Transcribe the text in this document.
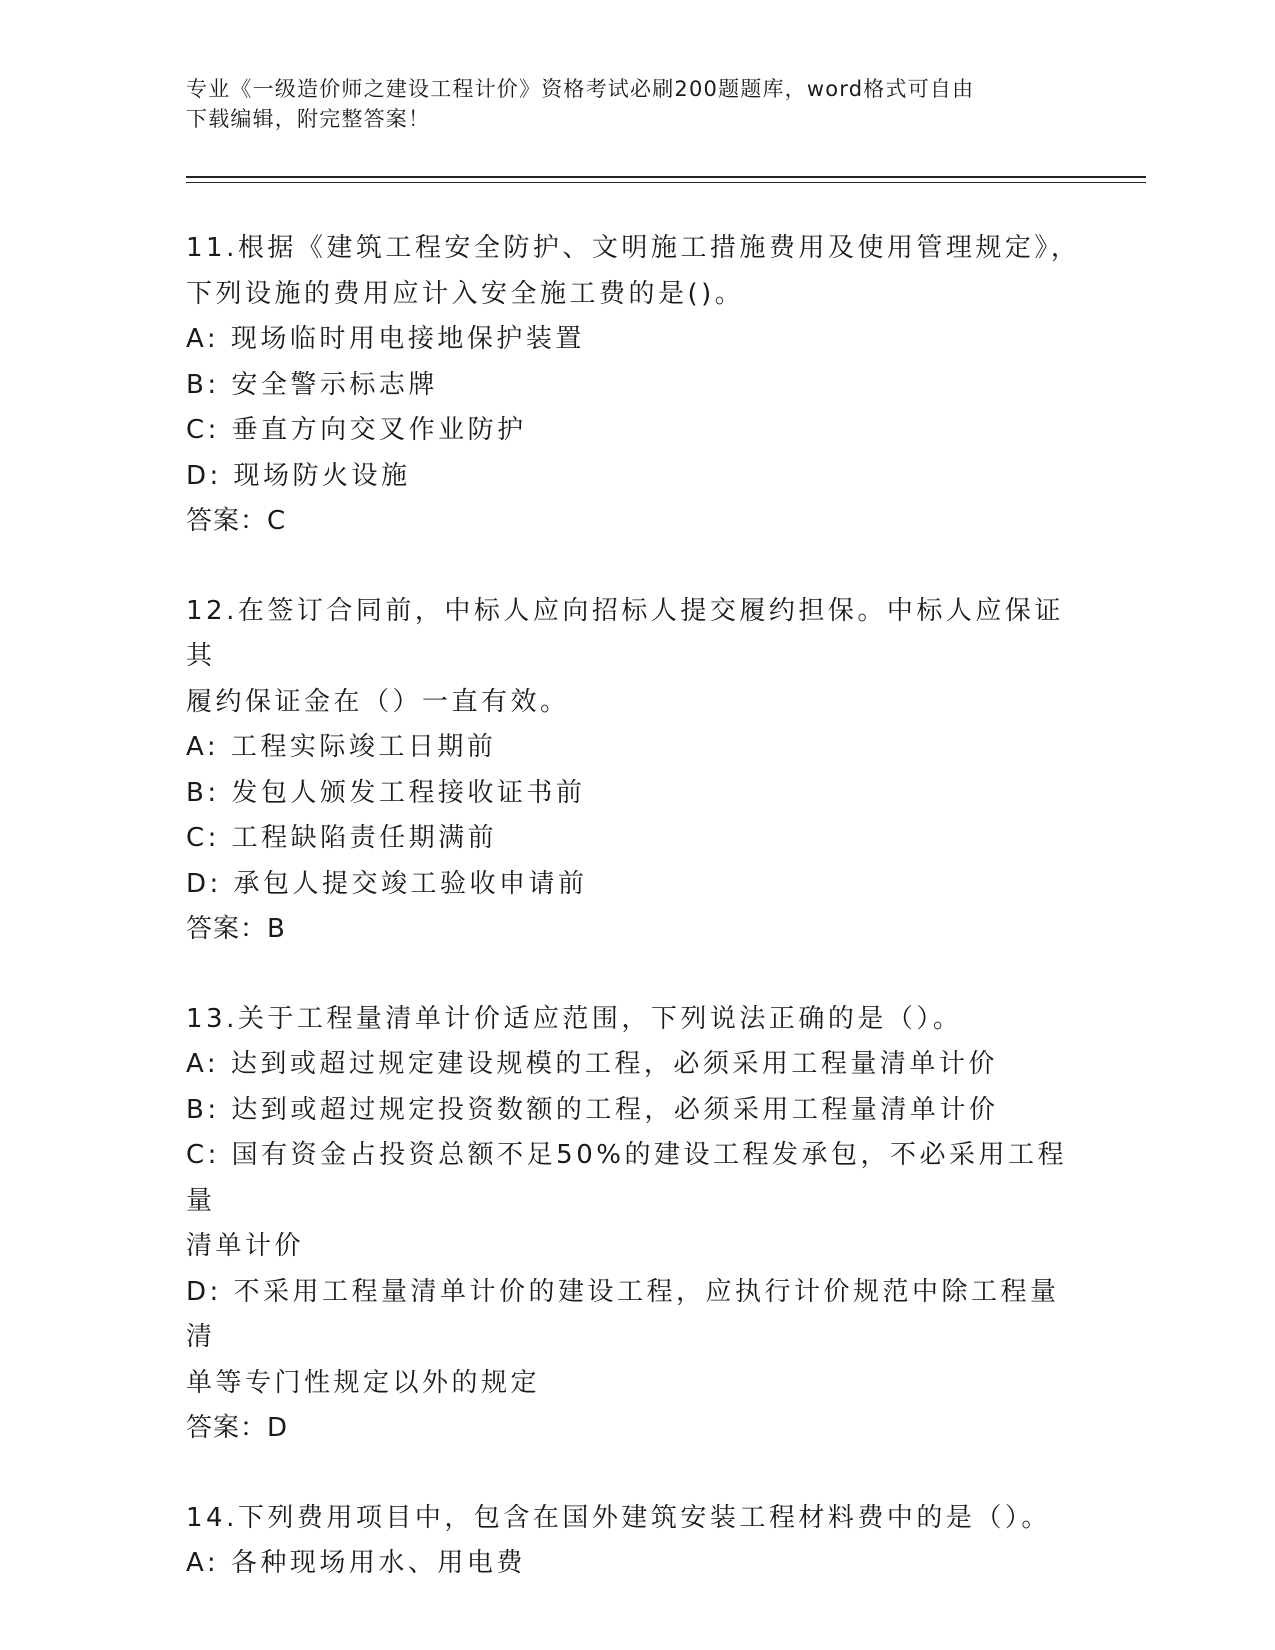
专业《一级造价师之建设工程计价》资格考试必刷200题题库，word格式可自由
下载编辑，附完整答案！
11.根据《建筑工程安全防护、文明施工措施费用及使用管理规定》，
下列设施的费用应计入安全施工费的是()。
A: 现场临时用电接地保护装置
B: 安全警示标志牌
C: 垂直方向交叉作业防护
D: 现场防火设施
答案：C
12.在签订合同前，中标人应向招标人提交履约担保。中标人应保证其
履约保证金在（）一直有效。
A: 工程实际竣工日期前
B: 发包人颁发工程接收证书前
C: 工程缺陷责任期满前
D: 承包人提交竣工验收申请前
答案：B
13.关于工程量清单计价适应范围，下列说法正确的是（）。
A: 达到或超过规定建设规模的工程，必须采用工程量清单计价
B: 达到或超过规定投资数额的工程，必须采用工程量清单计价
C: 国有资金占投资总额不足50%的建设工程发承包，不必采用工程量
清单计价
D: 不采用工程量清单计价的建设工程，应执行计价规范中除工程量清
单等专门性规定以外的规定
答案：D
14.下列费用项目中，包含在国外建筑安装工程材料费中的是（）。
A: 各种现场用水、用电费
